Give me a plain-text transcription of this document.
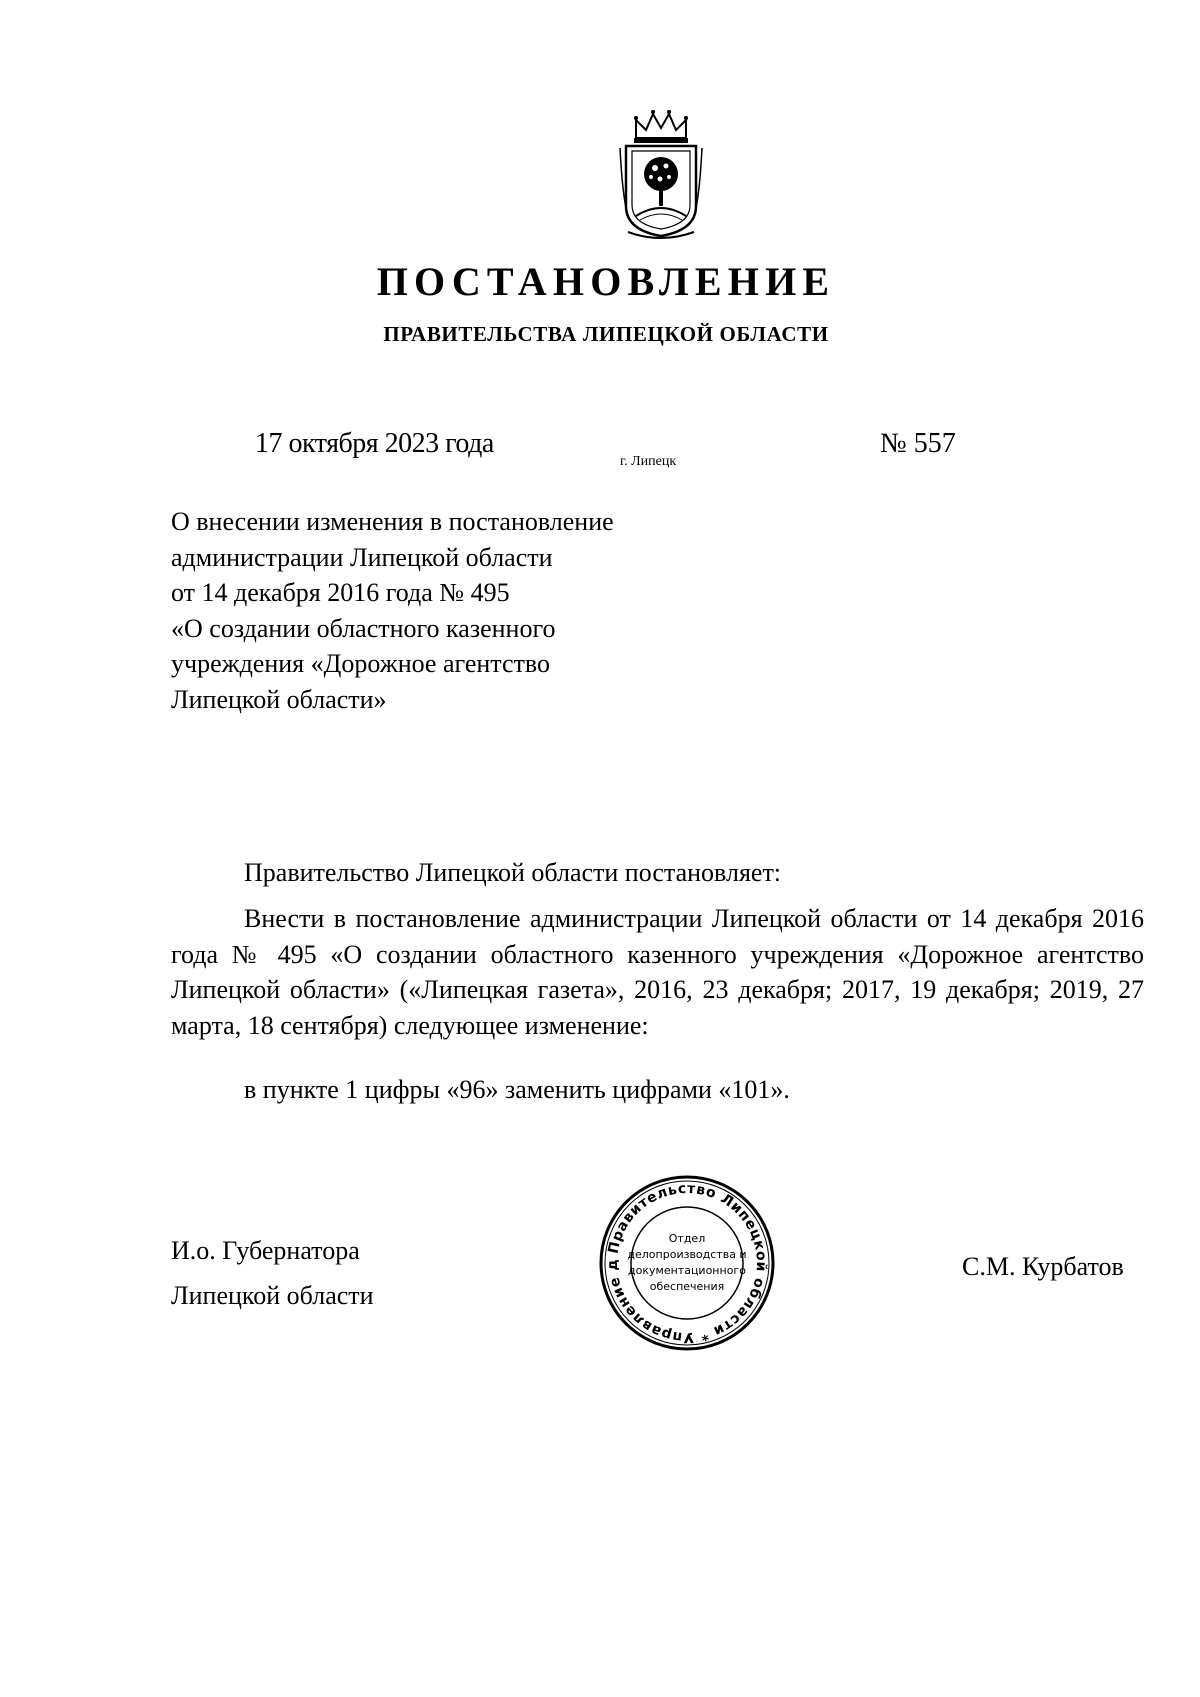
ПОСТАНОВЛЕНИЕ
ПРАВИТЕЛЬСТВА ЛИПЕЦКОЙ ОБЛАСТИ
17 октября 2023 года
г. Липецк
№ 557
О внесении изменения в постановление
администрации Липецкой области
от 14 декабря 2016 года № 495
«О создании областного казенного
учреждения «Дорожное агентство
Липецкой области»
Правительство Липецкой области постановляет:
Внести в постановление администрации Липецкой области от 14 декабря 2016 года № 495 «О создании областного казенного учреждения «Дорожное агентство Липецкой области» («Липецкая газета», 2016, 23 декабря; 2017, 19 декабря; 2019, 27 марта, 18 сентября) следующее изменение:
в пункте 1 цифры «96» заменить цифрами «101».
И.о. Губернатора
Липецкой области
С.М. Курбатов
Правительство Липецкой области * Управление д
Отдел
делопроизводства и
документационного
обеспечения
